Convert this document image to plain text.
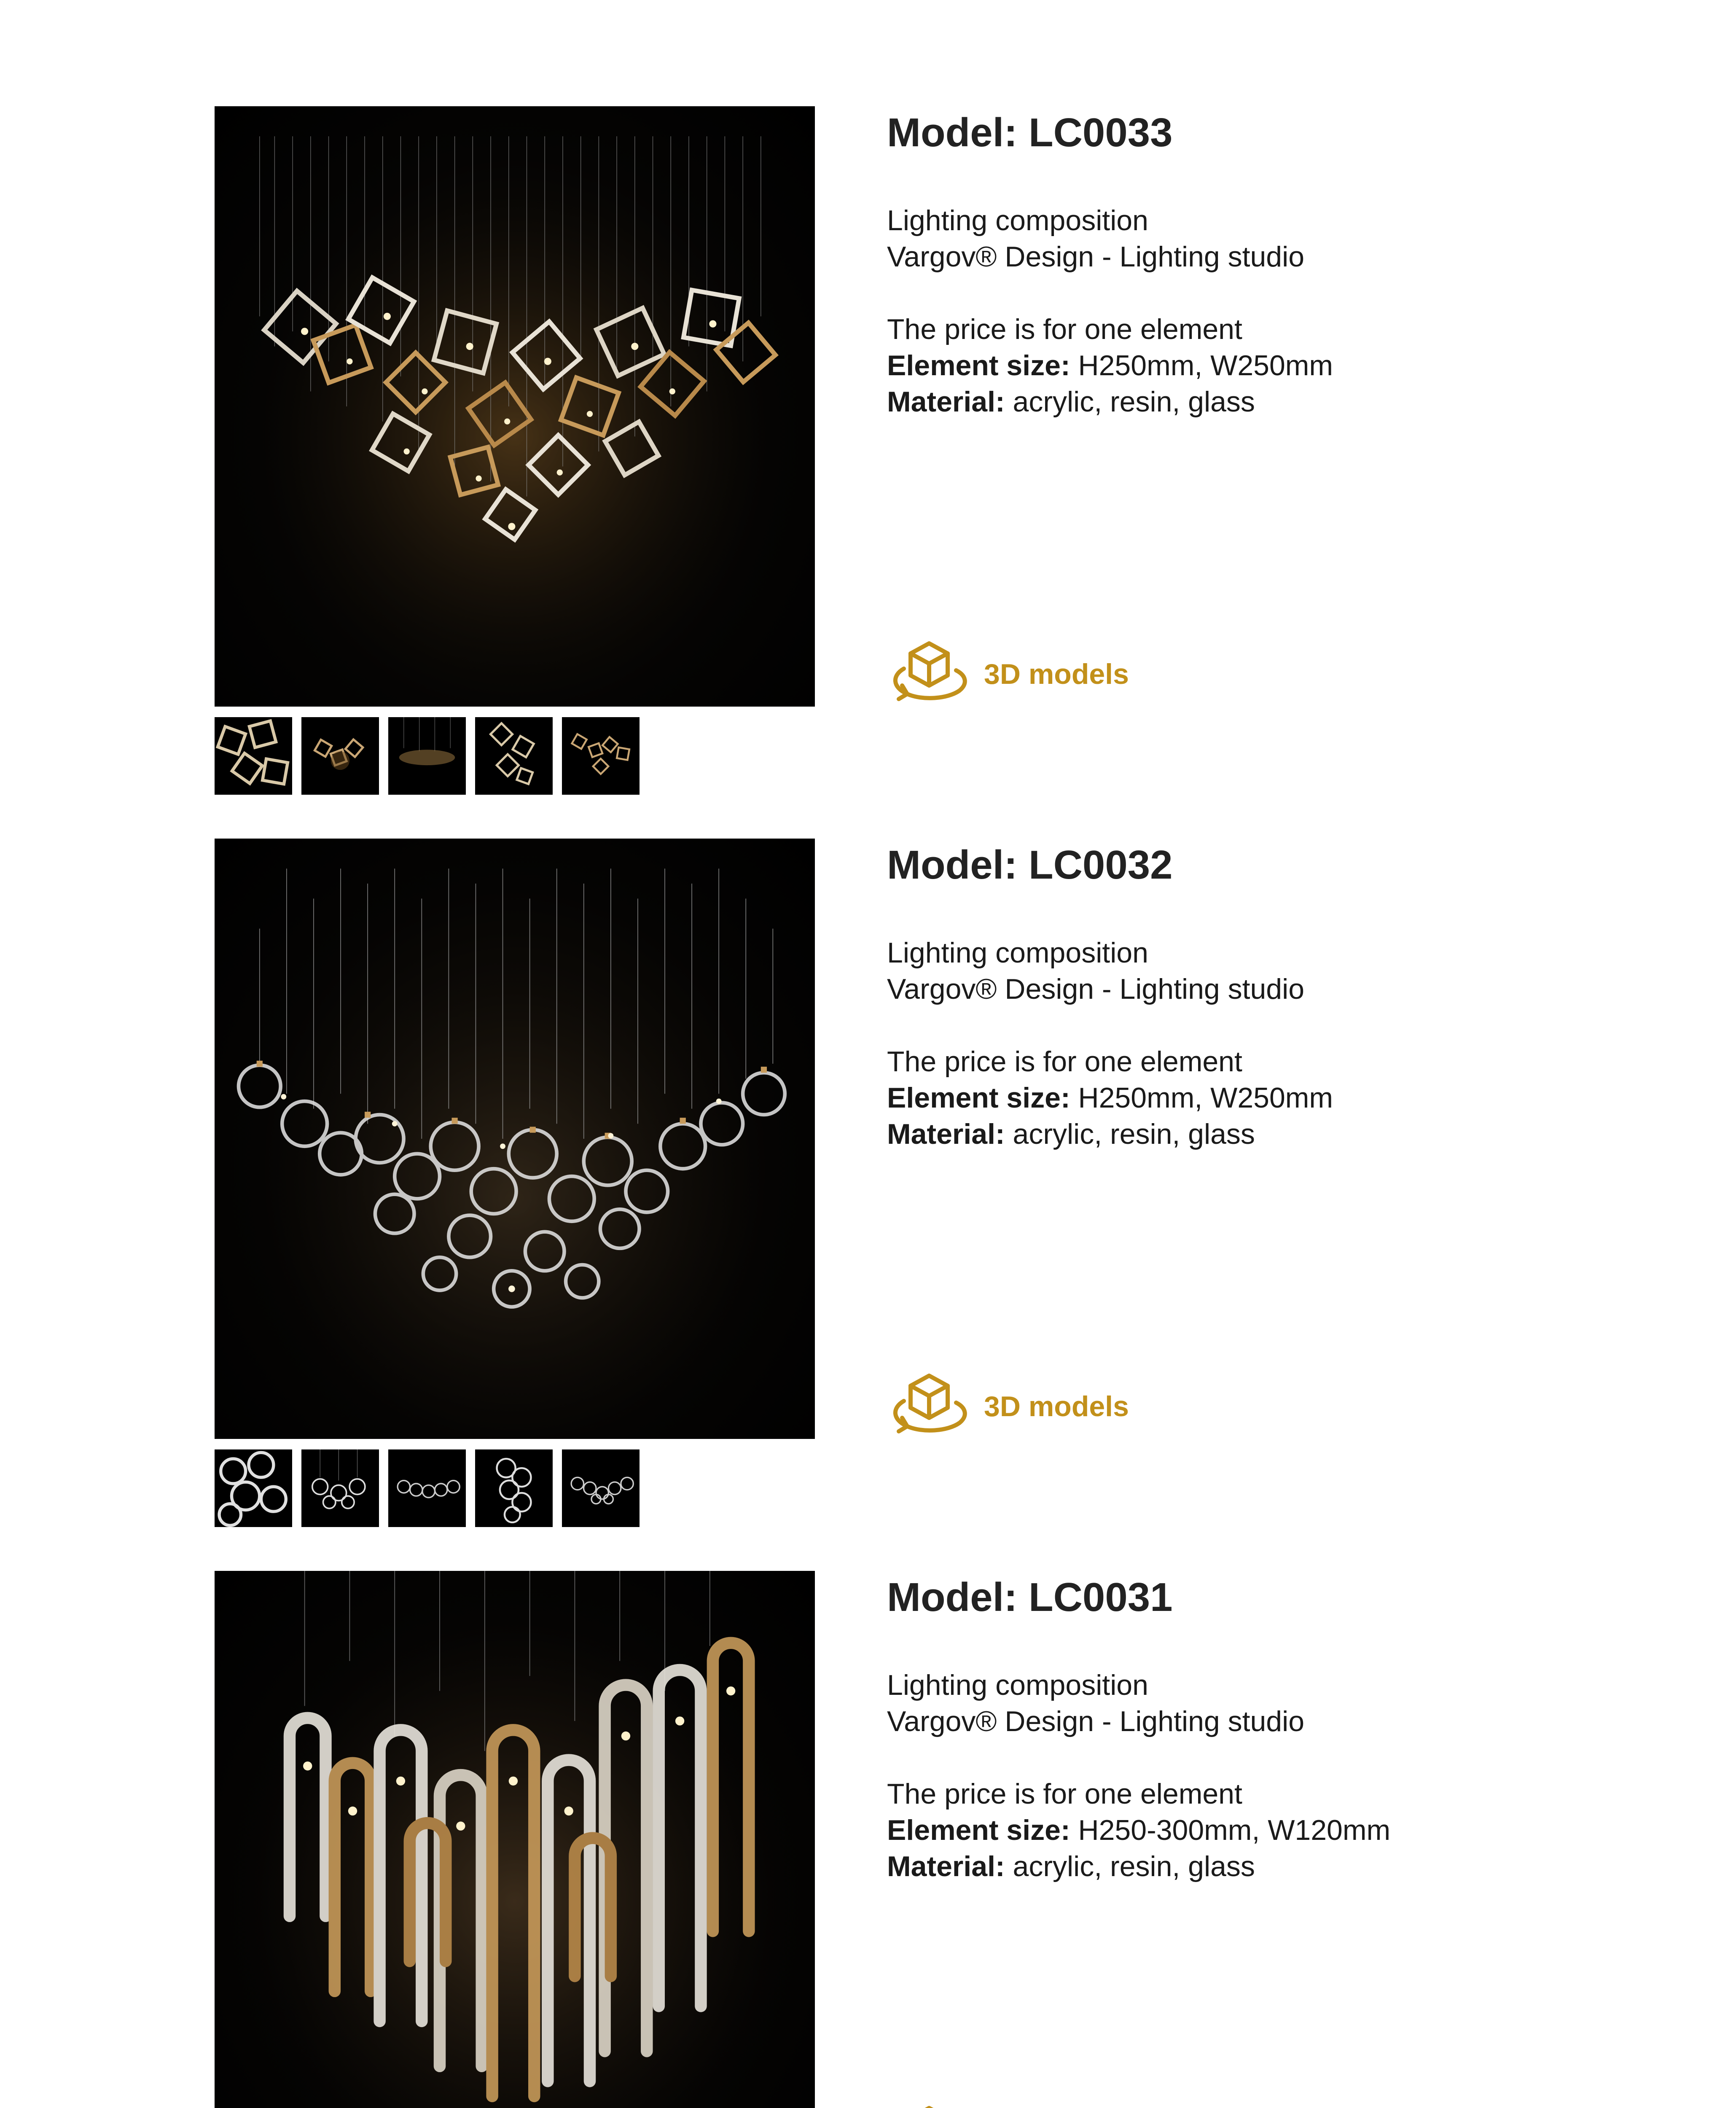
Model: LC0033
Lighting composition
Vargov® Design - Lighting studio
The price is for one element
Element size: H250mm, W250mm
Material: acrylic, resin, glass
3D models
Model: LC0032
Lighting composition
Vargov® Design - Lighting studio
The price is for one element
Element size: H250mm, W250mm
Material: acrylic, resin, glass
3D models
Model: LC0031
Lighting composition
Vargov® Design - Lighting studio
The price is for one element
Element size: H250-300mm, W120mm
Material: acrylic, resin, glass
